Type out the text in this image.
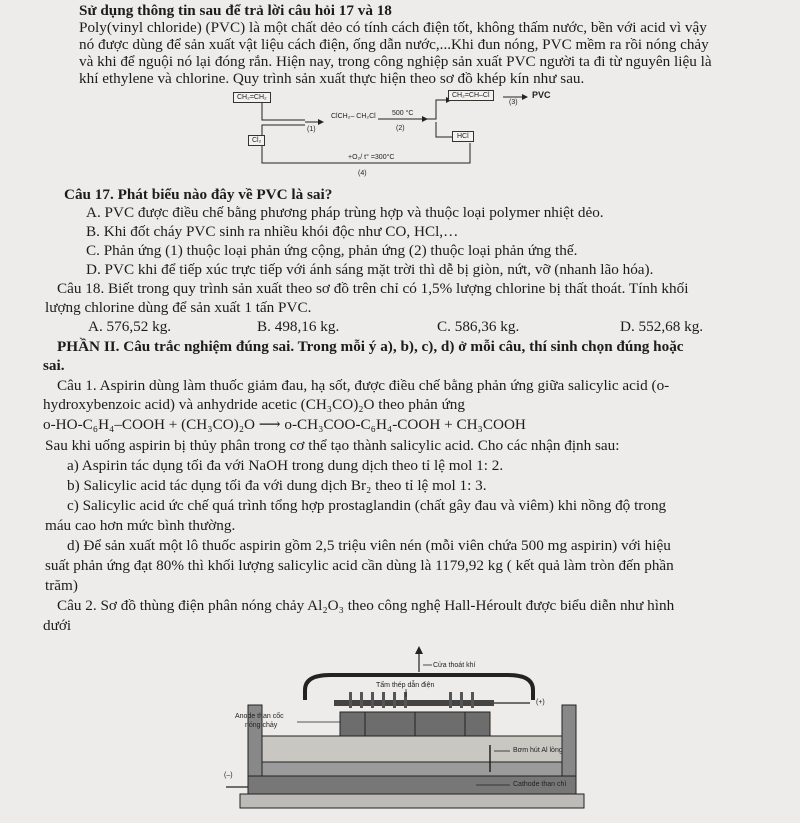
Sử dụng thông tin sau để trả lời câu hỏi 17 và 18
Poly(vinyl chloride) (PVC) là một chất dẻo có tính cách điện tốt, không thấm nước, bền với acid vì vậy
nó được dùng để sản xuất vật liệu cách điện, ống dẫn nước,...Khi đun nóng, PVC mềm ra rồi nóng chảy
và khi để nguội nó lại đóng rắn. Hiện nay, trong công nghiệp sản xuất PVC người ta đi từ nguyên liệu là
khí ethylene và chlorine. Quy trình sản xuất thực hiện theo sơ đồ khép kín như sau.
CH₂=CH₂
Cl₂
ClCH₂– CH₂Cl 500 °C
CH₂=CH–Cl	PVC
HCl
+O₂/ t° =300°C
(1)	(2)
(3)
(4)
Câu 17. Phát biểu nào đây về PVC là sai?
A. PVC được điều chế bằng phương pháp trùng hợp và thuộc loại polymer nhiệt dẻo.
B. Khi đốt cháy PVC sinh ra nhiều khói độc như CO, HCl,…
C. Phản ứng (1) thuộc loại phản ứng cộng, phản ứng (2) thuộc loại phản ứng thế.
D. PVC khi để tiếp xúc trực tiếp với ánh sáng mặt trời thì dễ bị giòn, nứt, vỡ (nhanh lão hóa).
Câu 18. Biết trong quy trình sản xuất theo sơ đồ trên chỉ có 1,5% lượng chlorine bị thất thoát. Tính khối
lượng chlorine dùng để sản xuất 1 tấn PVC.
A. 576,52 kg.	B. 498,16 kg.	C. 586,36 kg.	D. 552,68 kg.
PHẦN II. Câu trắc nghiệm đúng sai. Trong mỗi ý a), b), c), d) ở mỗi câu, thí sinh chọn đúng hoặc
sai.
Câu 1. Aspirin dùng làm thuốc giảm đau, hạ sốt, được điều chế bằng phản ứng giữa salicylic acid (o-
hydroxybenzoic acid) và anhydride acetic (CH₃CO)₂O theo phản ứng
o-HO-C₆H₄–COOH + (CH₃CO)₂O ⟶ o-CH₃COO-C₆H₄-COOH + CH₃COOH
Sau khi uống aspirin bị thủy phân trong cơ thể tạo thành salicylic acid. Cho các nhận định sau:
a) Aspirin tác dụng tối đa với NaOH trong dung dịch theo tỉ lệ mol 1: 2.
b) Salicylic acid tác dụng tối đa với dung dịch Br₂ theo tỉ lệ mol 1: 3.
c) Salicylic acid ức chế quá trình tổng hợp prostaglandin (chất gây đau và viêm) khi nồng độ trong
máu cao hơn mức bình thường.
d) Để sản xuất một lô thuốc aspirin gồm 2,5 triệu viên nén (mỗi viên chứa 500 mg aspirin) với hiệu
suất phản ứng đạt 80% thì khối lượng salicylic acid cần dùng là 1179,92 kg ( kết quả làm tròn đến phần
trăm)
Câu 2. Sơ đồ thùng điện phân nóng chảy Al₂O₃ theo công nghệ Hall-Héroult được biểu diễn như hình
dưới
Cửa thoát khí
Tấm thép dẫn điện
(+)
Anode than cốc
nóng chảy
Bơm hút Al lỏng
(–)
Cathode than chì
